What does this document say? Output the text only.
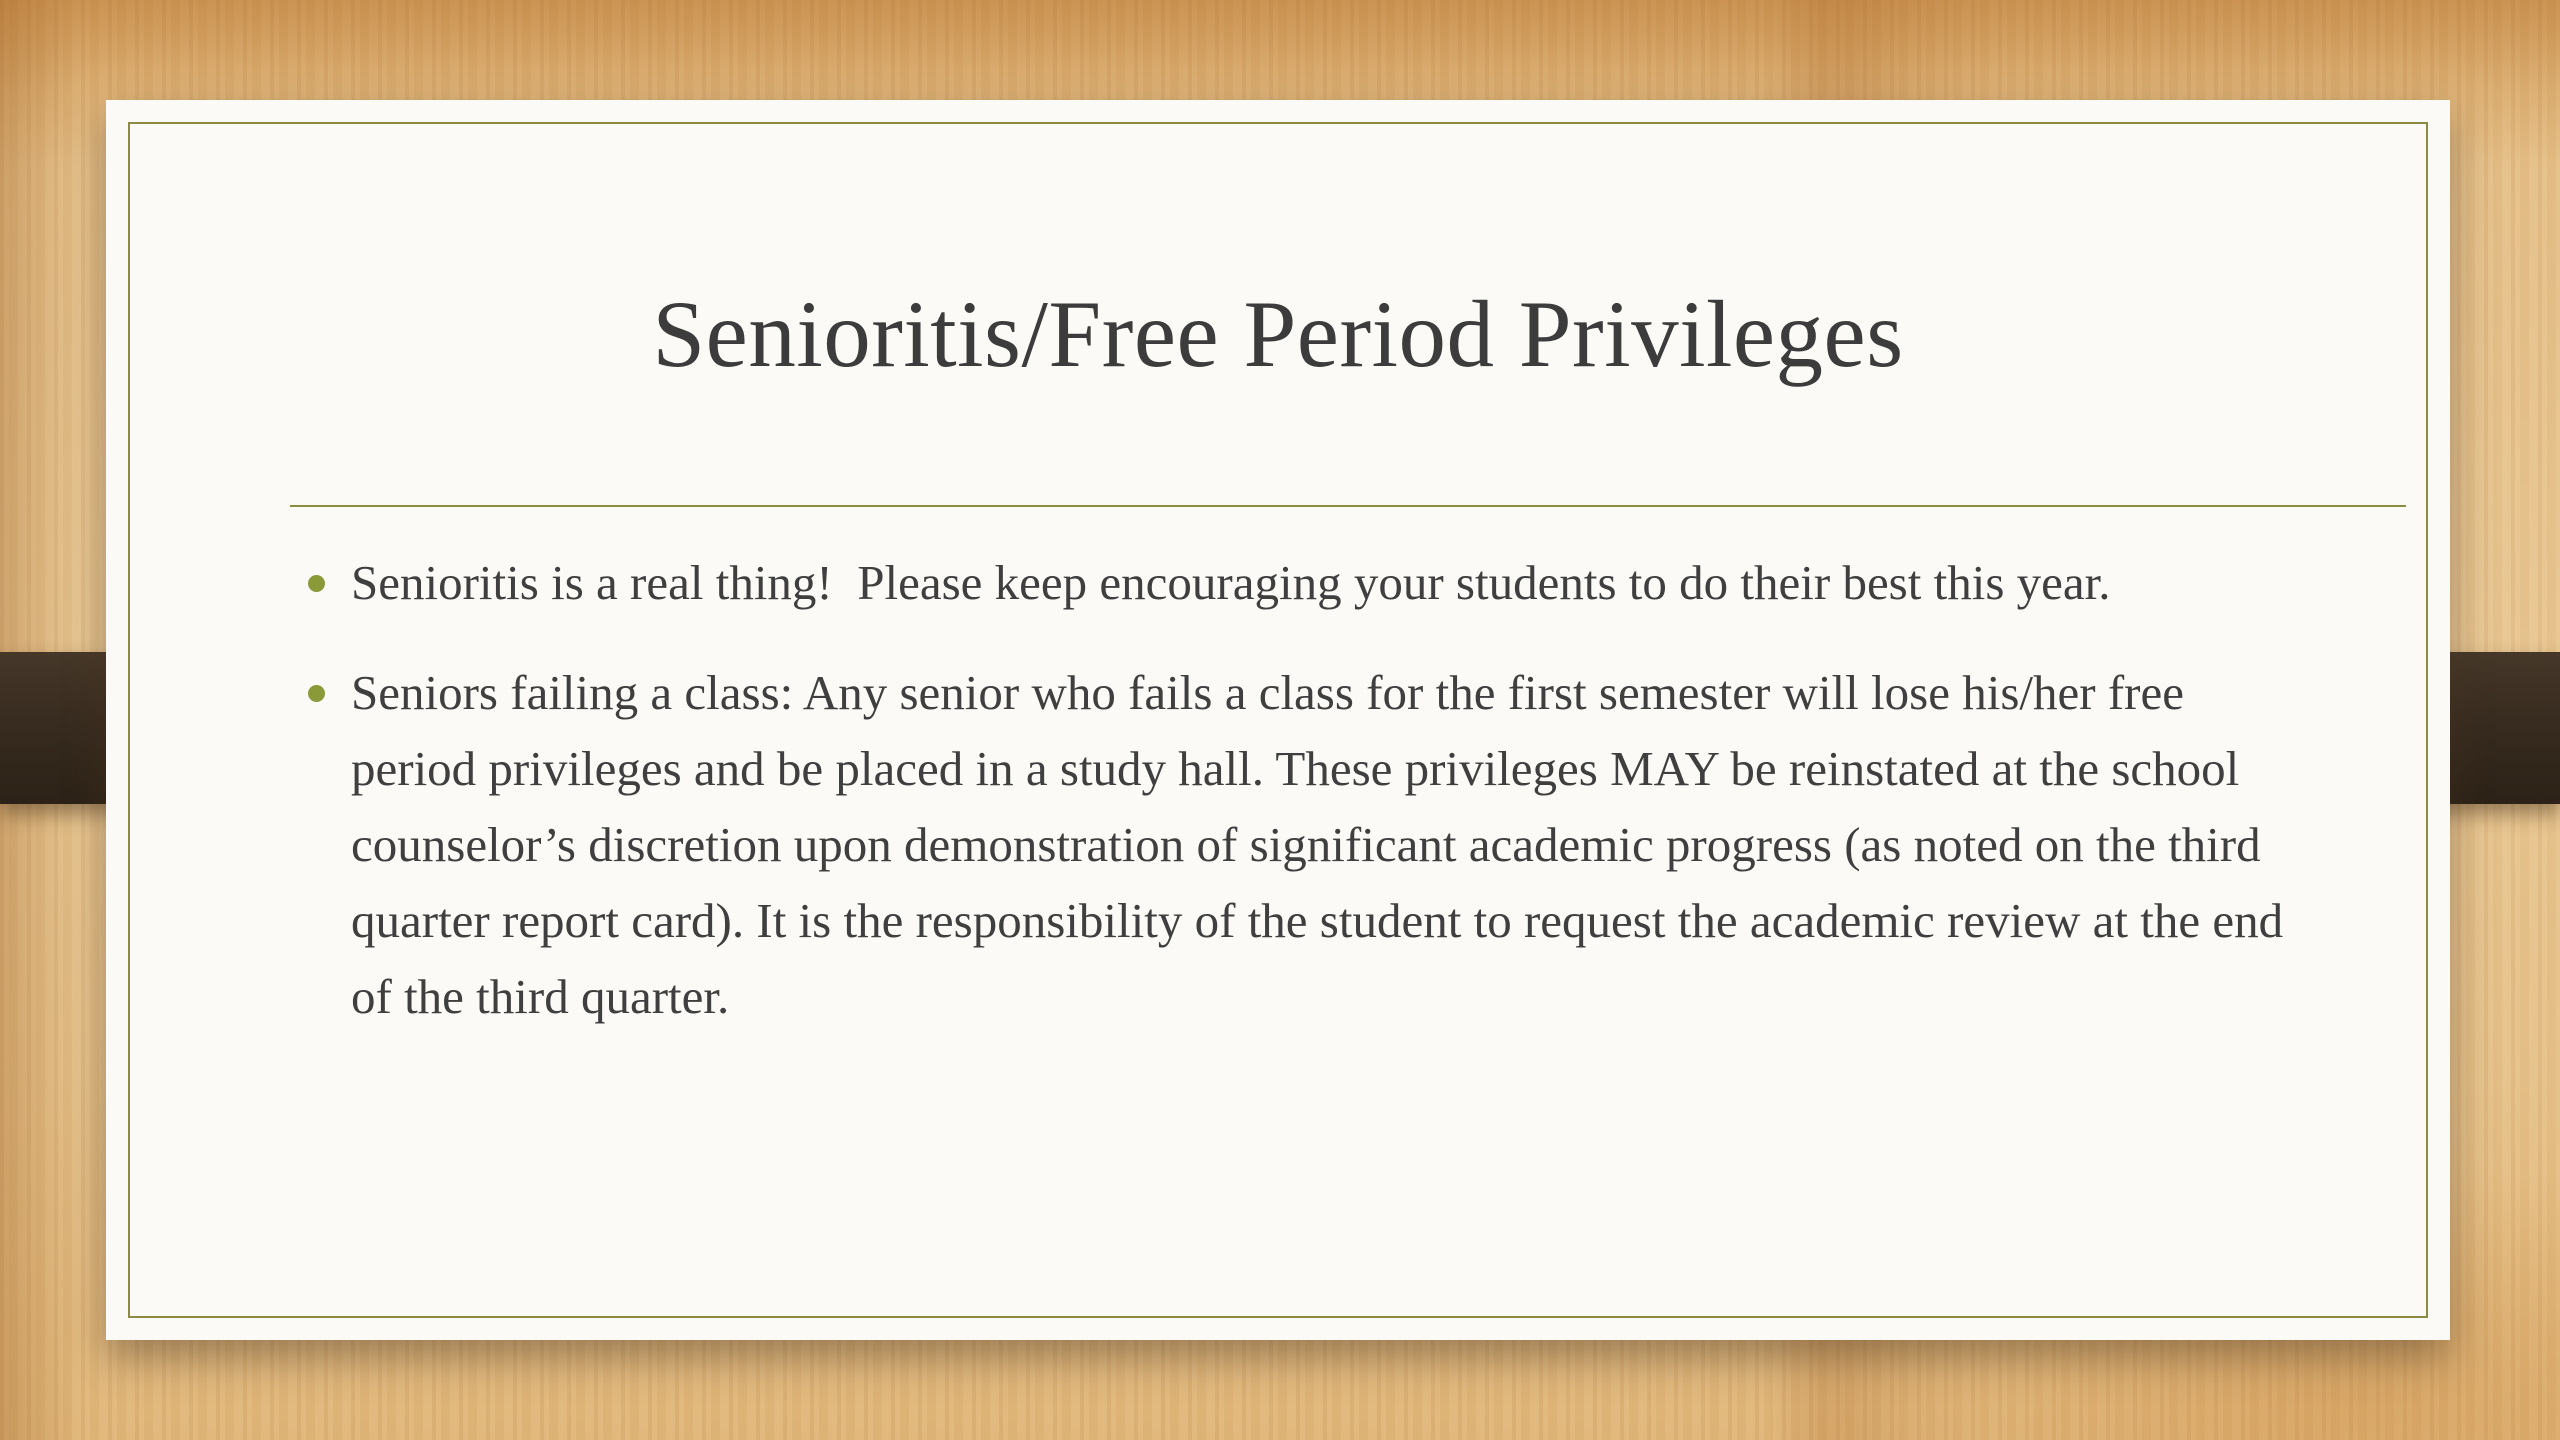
Senioritis/Free Period Privileges
Senioritis is a real thing!  Please keep encouraging your students to do their best this year.
Seniors failing a class: Any senior who fails a class for the first semester will lose his/her free period privileges and be placed in a study hall. These privileges MAY be reinstated at the school counselor’s discretion upon demonstration of significant academic progress (as noted on the third quarter report card). It is the responsibility of the student to request the academic review at the end of the third quarter.
